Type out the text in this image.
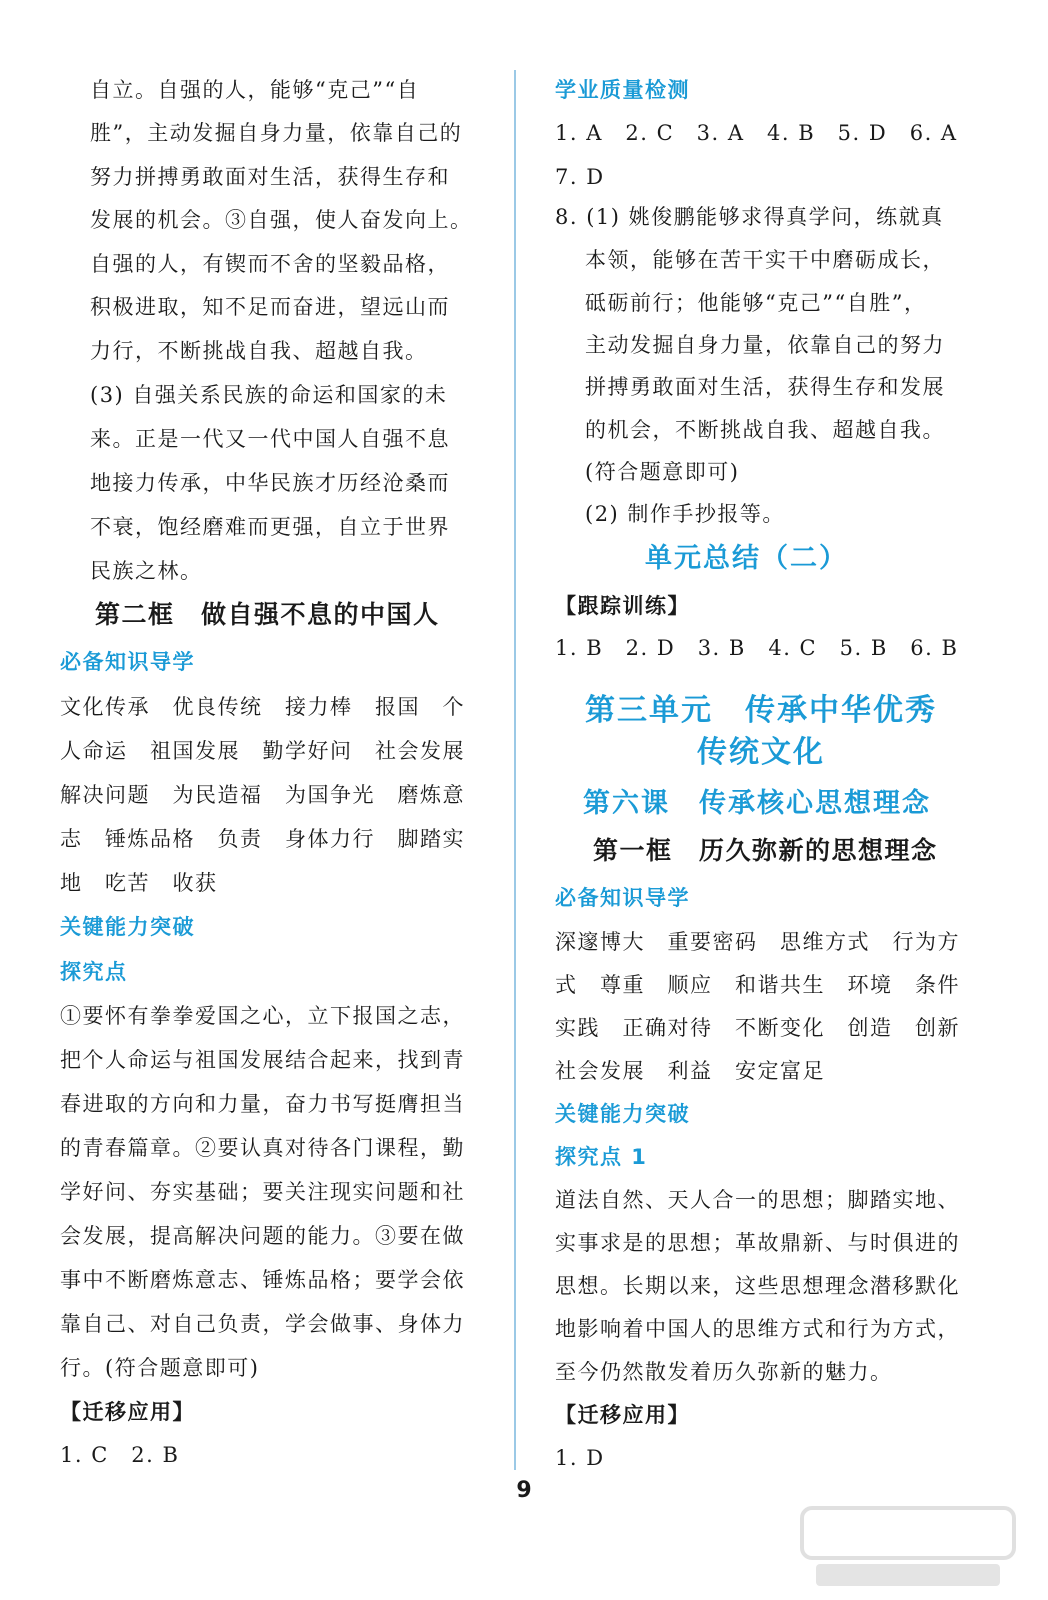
自立。自强的人，能够“克己”“自
胜”，主动发掘自身力量，依靠自己的
努力拼搏勇敢面对生活，获得生存和
发展的机会。③自强，使人奋发向上。
自强的人，有锲而不舍的坚毅品格，
积极进取，知不足而奋进，望远山而
力行，不断挑战自我、超越自我。
(3) 自强关系民族的命运和国家的未
来。正是一代又一代中国人自强不息
地接力传承，中华民族才历经沧桑而
不衰，饱经磨难而更强，自立于世界
民族之林。
第二框　做自强不息的中国人
必备知识导学
文化传承　优良传统　接力棒　报国　个
人命运　祖国发展　勤学好问　社会发展
解决问题　为民造福　为国争光　磨炼意
志　锤炼品格　负责　身体力行　脚踏实
地　吃苦　收获
关键能力突破
探究点
①要怀有拳拳爱国之心，立下报国之志，
把个人命运与祖国发展结合起来，找到青
春进取的方向和力量，奋力书写挺膺担当
的青春篇章。②要认真对待各门课程，勤
学好问、夯实基础；要关注现实问题和社
会发展，提高解决问题的能力。③要在做
事中不断磨炼意志、锤炼品格；要学会依
靠自己、对自己负责，学会做事、身体力
行。(符合题意即可)
【迁移应用】
1. C　2. B
学业质量检测
1. A　2. C　3. A　4. B　5. D　6. A
7. D
8. (1) 姚俊鹏能够求得真学问，练就真
本领，能够在苦干实干中磨砺成长，
砥砺前行；他能够“克己”“自胜”，
主动发掘自身力量，依靠自己的努力
拼搏勇敢面对生活，获得生存和发展
的机会，不断挑战自我、超越自我。
(符合题意即可)
(2) 制作手抄报等。
单元总结（二）
【跟踪训练】
1. B　2. D　3. B　4. C　5. B　6. B
第三单元　传承中华优秀
传统文化
第六课　传承核心思想理念
第一框　历久弥新的思想理念
必备知识导学
深邃博大　重要密码　思维方式　行为方
式　尊重　顺应　和谐共生　环境　条件
实践　正确对待　不断变化　创造　创新
社会发展　利益　安定富足
关键能力突破
探究点 1
道法自然、天人合一的思想；脚踏实地、
实事求是的思想；革故鼎新、与时俱进的
思想。长期以来，这些思想理念潜移默化
地影响着中国人的思维方式和行为方式，
至今仍然散发着历久弥新的魅力。
【迁移应用】
1. D
9
